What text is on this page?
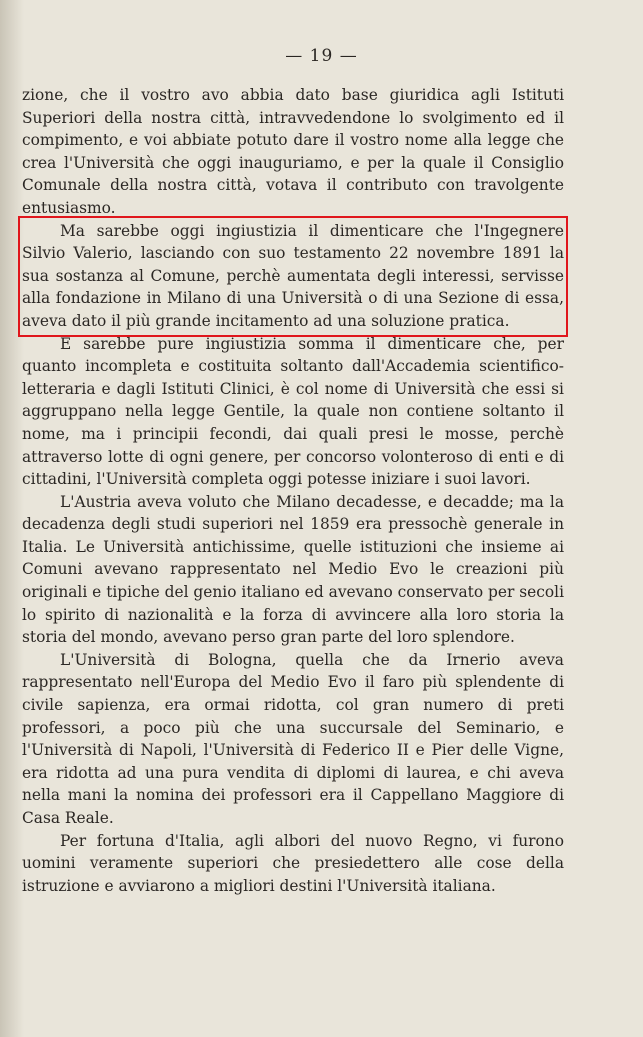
— 19 —

zione, che il vostro avo abbia dato base giuridica agli Istituti Superiori della nostra città, intravvedendone lo svolgimento ed il compimento, e voi abbiate potuto dare il vostro nome alla legge che crea l'Università che oggi inauguriamo, e per la quale il Consiglio Comunale della nostra città, votava il contributo con travolgente entusiasmo.

Ma sarebbe oggi ingiustizia il dimenticare che l'Ingegnere Silvio Valerio, lasciando con suo testamento 22 novembre 1891 la sua sostanza al Comune, perchè aumentata degli interessi, servisse alla fondazione in Milano di una Università o di una Sezione di essa, aveva dato il più grande incitamento ad una soluzione pratica.

E sarebbe pure ingiustizia somma il dimenticare che, per quanto incompleta e costituita soltanto dall'Accademia scientifico-letteraria e dagli Istituti Clinici, è col nome di Università che essi si aggruppano nella legge Gentile, la quale non contiene soltanto il nome, ma i principii fecondi, dai quali presi le mosse, perchè attraverso lotte di ogni genere, per concorso volonteroso di enti e di cittadini, l'Università completa oggi potesse iniziare i suoi lavori.

L'Austria aveva voluto che Milano decadesse, e decadde; ma la decadenza degli studi superiori nel 1859 era pressochè generale in Italia. Le Università antichissime, quelle istituzioni che insieme ai Comuni avevano rappresentato nel Medio Evo le creazioni più originali e tipiche del genio italiano ed avevano conservato per secoli lo spirito di nazionalità e la forza di avvincere alla loro storia la storia del mondo, avevano perso gran parte del loro splendore.

L'Università di Bologna, quella che da Irnerio aveva rappresentato nell'Europa del Medio Evo il faro più splendente di civile sapienza, era ormai ridotta, col gran numero di preti professori, a poco più che una succursale del Seminario, e l'Università di Napoli, l'Università di Federico II e Pier delle Vigne, era ridotta ad una pura vendita di diplomi di laurea, e chi aveva nella mani la nomina dei professori era il Cappellano Maggiore di Casa Reale.

Per fortuna d'Italia, agli albori del nuovo Regno, vi furono uomini veramente superiori che presiedettero alle cose della istruzione e avviarono a migliori destini l'Università italiana.
